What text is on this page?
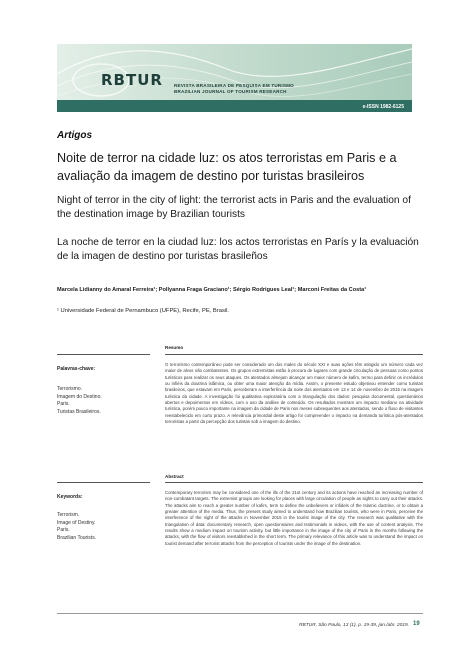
RBTUR REVISTA BRASILEIRA DE PESQUISA EM TURISMO
BRAZILIAN JOURNAL OF TOURISM RESEARCH
e-ISSN 1982-6125
Artigos
Noite de terror na cidade luz: os atos terroristas em Paris e a avaliação da imagem de destino por turistas brasileiros
Night of terror in the city of light: the terrorist acts in Paris and the evaluation of the destination image by Brazilian tourists
La noche de terror en la ciudad luz: los actos terroristas en París y la evaluación de la imagen de destino por turistas brasileños
Marcela Lidianny do Amaral Ferreira¹; Pollyanna Fraga Graciano¹; Sérgio Rodrigues Leal¹; Marconi Freitas da Costa¹
¹ Universidade Federal de Pernambuco (UFPE), Recife, PE, Brasil.
Resumo
Palavras-chave:
Terrorismo.
Imagem do Destino.
Paris.
Turistas Brasileiros.
O terrorismo contemporâneo pode ser considerado um dos males do século XXI e suas ações têm atingido um número cada vez maior de alvos não combatentes. Os grupos extremistas estão à procura de lugares com grande circulação de pessoas como pontos turísticos para realizar os seus ataques. Os atentados almejam alcançar um maior número de kafirs, termo para definir os incrédulos ou infiéis da doutrina islâmica, ou obter uma maior atenção da mídia. Assim, o presente estudo objetivou entender como turistas brasileiros, que estavam em Paris, perceberam a interferência da noite dos atentados em 13 e 14 de novembro de 2015 na imagem turística da cidade. A investigação foi qualitativa exploratória com a triangulação dos dados: pesquisa documental, questionários abertos e depoimentos em vídeos, com o uso da análise de conteúdo. Os resultados mostram um impacto mediano na atividade turística, porém pouco importante na imagem da cidade de Paris nos meses subsequentes aos atentados, sendo o fluxo de visitantes reestabelecido em curto prazo. A relevância primordial deste artigo foi compreender o impacto na demanda turística pós-atentados terroristas a partir da percepção dos turistas sob a imagem do destino.
Abstract
Keywords:
Terrorism.
Image of Destiny.
Paris.
Brazilian Tourists.
Contemporary terrorism may be considered one of the ills of the 21st century and its actions have reached an increasing number of non-combatant targets. The extremist groups are looking for places with large circulation of people as sights to carry out their attacks. The attacks aim to reach a greater number of kafirs, term to define the unbelievers or infidels of the Islamic doctrine, or to obtain a greater attention of the media. Thus, the present study aimed to understand how Brazilian tourists, who were in Paris, perceive the interference of the night of the attacks in November 2015 in the tourist image of the city. The research was qualitative with the triangulation of data: documentary research, open questionnaires and testimonials in videos, with the use of content analysis. The results show a medium impact on tourism activity, but little importance in the image of the city of Paris in the months following the attacks, with the flow of visitors reestablished in the short term. The primary relevance of this article was to understand the impact on tourist demand after terrorist attacks from the perception of tourists under the image of the destination.
RBTUR, São Paulo, 13 (1), p. 19-39, jan./abr. 2019. 19
